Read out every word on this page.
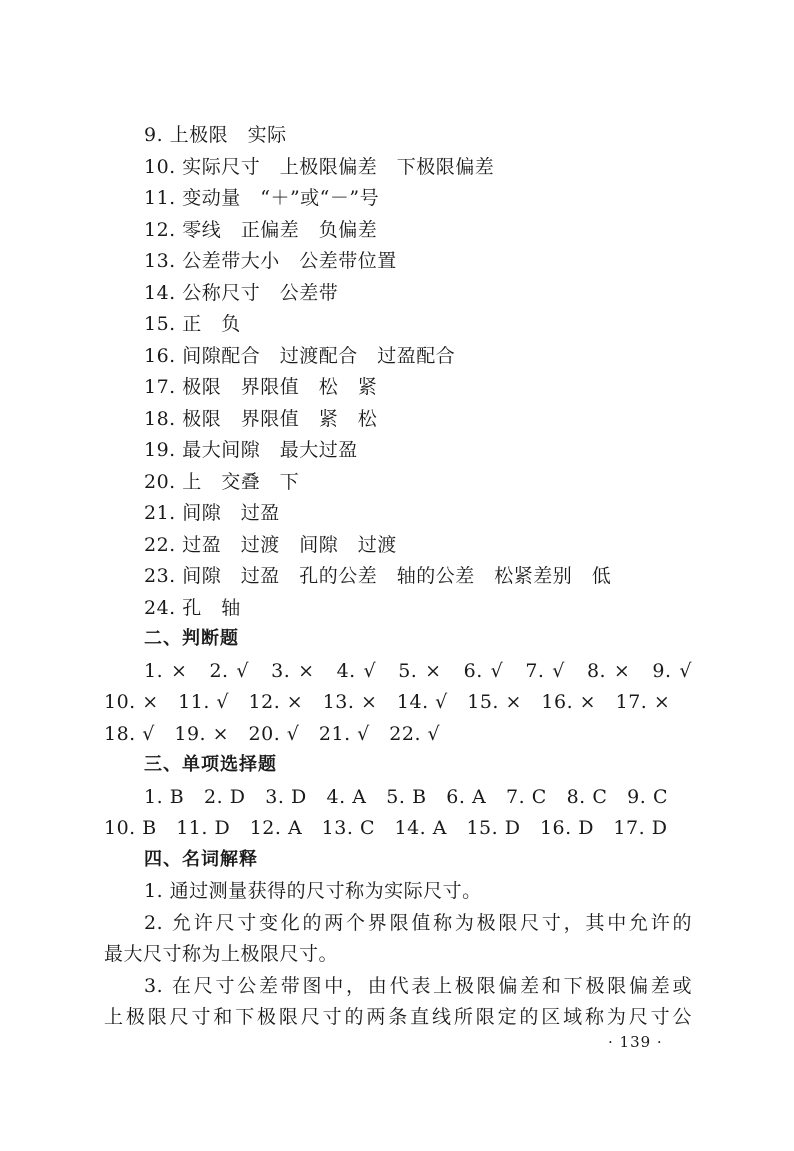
9. 上极限　实际
10. 实际尺寸　上极限偏差　下极限偏差
11. 变动量　“＋”或“－”号
12. 零线　正偏差　负偏差
13. 公差带大小　公差带位置
14. 公称尺寸　公差带
15. 正　负
16. 间隙配合　过渡配合　过盈配合
17. 极限　界限值　松　紧
18. 极限　界限值　紧　松
19. 最大间隙　最大过盈
20. 上　交叠　下
21. 间隙　过盈
22. 过盈　过渡　间隙　过渡
23. 间隙　过盈　孔的公差　轴的公差　松紧差别　低
24. 孔　轴
二、判断题
1. ×　2. √　3. ×　4. √　5. ×　6. √　7. √　8. ×　9. √
10. ×　11. √　12. ×　13. ×　14. √　15. ×　16. ×　17. ×
18. √　19. ×　20. √　21. √　22. √
三、单项选择题
1. B　2. D　3. D　4. A　5. B　6. A　7. C　8. C　9. C
10. B　11. D　12. A　13. C　14. A　15. D　16. D　17. D
四、名词解释
1. 通过测量获得的尺寸称为实际尺寸。
2. 允许尺寸变化的两个界限值称为极限尺寸，其中允许的
最大尺寸称为上极限尺寸。
3. 在尺寸公差带图中，由代表上极限偏差和下极限偏差或
上极限尺寸和下极限尺寸的两条直线所限定的区域称为尺寸公
· 139 ·
